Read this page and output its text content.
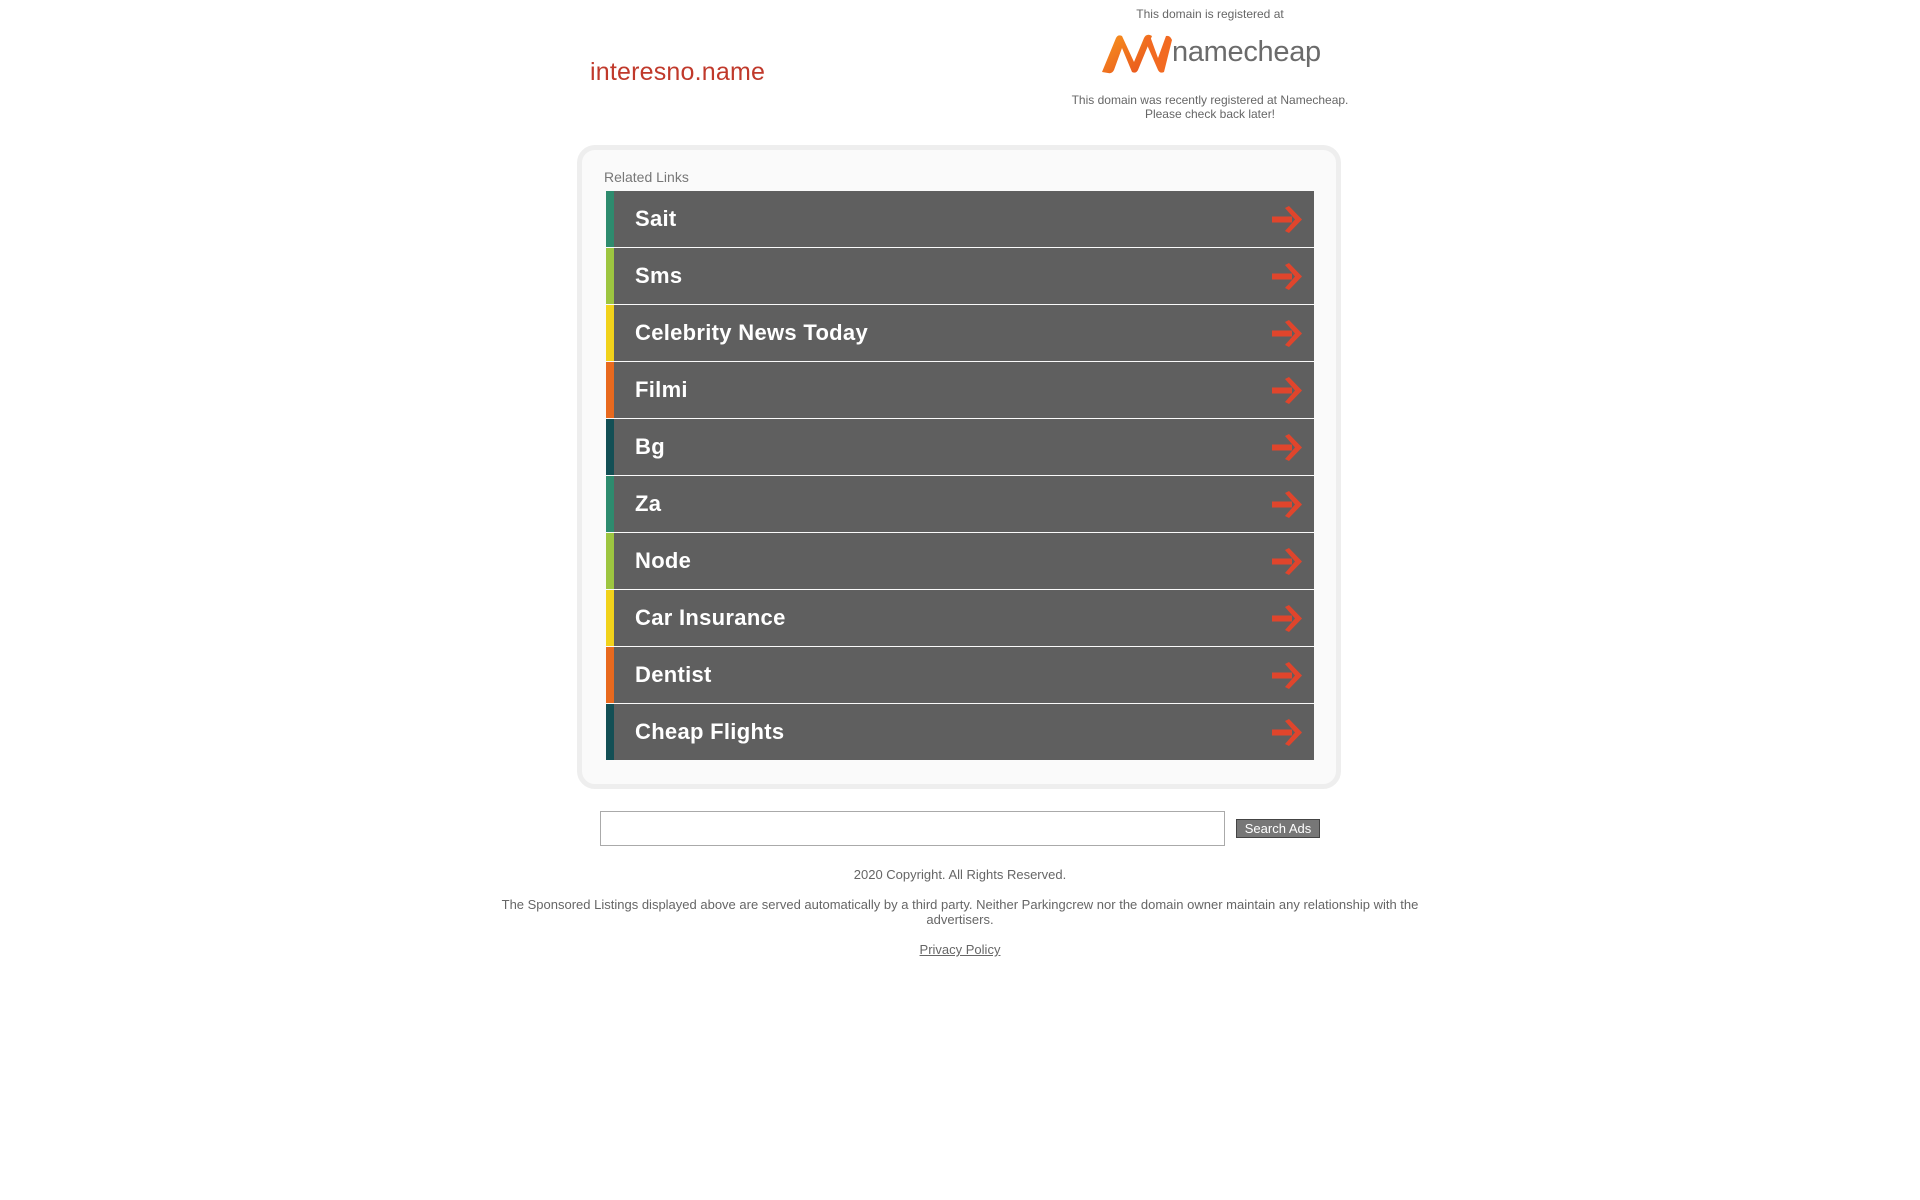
interesno.name
This domain is registered at
namecheap
This domain was recently registered at Namecheap.
Please check back later!
Related Links
Sait
Sms
Celebrity News Today
Filmi
Bg
Za
Node
Car Insurance
Dentist
Cheap Flights
Search Ads
2020 Copyright. All Rights Reserved.
The Sponsored Listings displayed above are served automatically by a third party. Neither Parkingcrew nor the domain owner maintain any relationship with the advertisers.
Privacy Policy
